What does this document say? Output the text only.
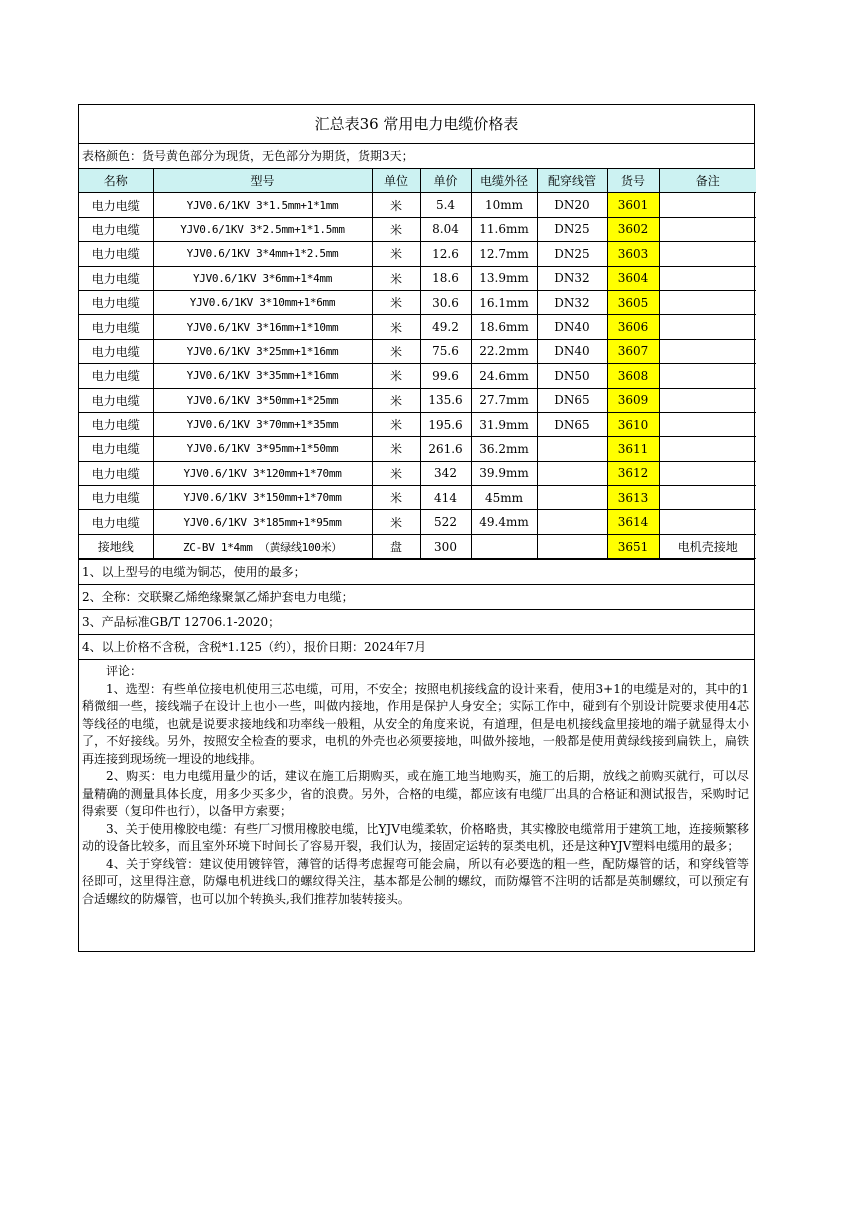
汇总表36 常用电力电缆价格表
表格颜色：货号黄色部分为现货，无色部分为期货，货期3天；
名称	型号	单位	单价	电缆外径	配穿线管	货号	备注
电力电缆	YJV0.6/1KV 3*1.5mm+1*1mm	米	5.4	10mm	DN20	3601	
电力电缆	YJV0.6/1KV 3*2.5mm+1*1.5mm	米	8.04	11.6mm	DN25	3602	
电力电缆	YJV0.6/1KV 3*4mm+1*2.5mm	米	12.6	12.7mm	DN25	3603	
电力电缆	YJV0.6/1KV 3*6mm+1*4mm	米	18.6	13.9mm	DN32	3604	
电力电缆	YJV0.6/1KV 3*10mm+1*6mm	米	30.6	16.1mm	DN32	3605	
电力电缆	YJV0.6/1KV 3*16mm+1*10mm	米	49.2	18.6mm	DN40	3606	
电力电缆	YJV0.6/1KV 3*25mm+1*16mm	米	75.6	22.2mm	DN40	3607	
电力电缆	YJV0.6/1KV 3*35mm+1*16mm	米	99.6	24.6mm	DN50	3608	
电力电缆	YJV0.6/1KV 3*50mm+1*25mm	米	135.6	27.7mm	DN65	3609	
电力电缆	YJV0.6/1KV 3*70mm+1*35mm	米	195.6	31.9mm	DN65	3610	
电力电缆	YJV0.6/1KV 3*95mm+1*50mm	米	261.6	36.2mm		3611	
电力电缆	YJV0.6/1KV 3*120mm+1*70mm	米	342	39.9mm		3612	
电力电缆	YJV0.6/1KV 3*150mm+1*70mm	米	414	45mm		3613	
电力电缆	YJV0.6/1KV 3*185mm+1*95mm	米	522	49.4mm		3614	
接地线	ZC-BV 1*4mm （黄绿线100米）	盘	300			3651	电机壳接地
1、以上型号的电缆为铜芯，使用的最多；
2、全称：交联聚乙烯绝缘聚氯乙烯护套电力电缆；
3、产品标准GB/T 12706.1-2020；
4、以上价格不含税，含税*1.125（约），报价日期：2024年7月
评论：

1、选型：有些单位接电机使用三芯电缆，可用，不安全；按照电机接线盒的设计来看，使用3+1的电缆是对的，其中的1稍微细一些，接线端子在设计上也小一些，叫做内接地，作用是保护人身安全；实际工作中，碰到有个别设计院要求使用4芯等线径的电缆，也就是说要求接地线和功率线一般粗，从安全的角度来说，有道理，但是电机接线盒里接地的端子就显得太小了，不好接线。另外，按照安全检查的要求，电机的外壳也必须要接地，叫做外接地，一般都是使用黄绿线接到扁铁上，扁铁再连接到现场统一埋设的地线排。

2、购买：电力电缆用量少的话，建议在施工后期购买，或在施工地当地购买，施工的后期，放线之前购买就行，可以尽量精确的测量具体长度，用多少买多少，省的浪费。另外，合格的电缆，都应该有电缆厂出具的合格证和测试报告，采购时记得索要（复印件也行），以备甲方索要；

3、关于使用橡胶电缆：有些厂习惯用橡胶电缆，比YJV电缆柔软，价格略贵，其实橡胶电缆常用于建筑工地，连接频繁移动的设备比较多，而且室外环境下时间长了容易开裂，我们认为，接固定运转的泵类电机，还是这种YJV塑料电缆用的最多；

4、关于穿线管：建议使用镀锌管，薄管的话得考虑握弯可能会扁，所以有必要选的粗一些，配防爆管的话，和穿线管等径即可，这里得注意，防爆电机进线口的螺纹得关注，基本都是公制的螺纹，而防爆管不注明的话都是英制螺纹，可以预定有合适螺纹的防爆管，也可以加个转换头,我们推荐加装转接头。
